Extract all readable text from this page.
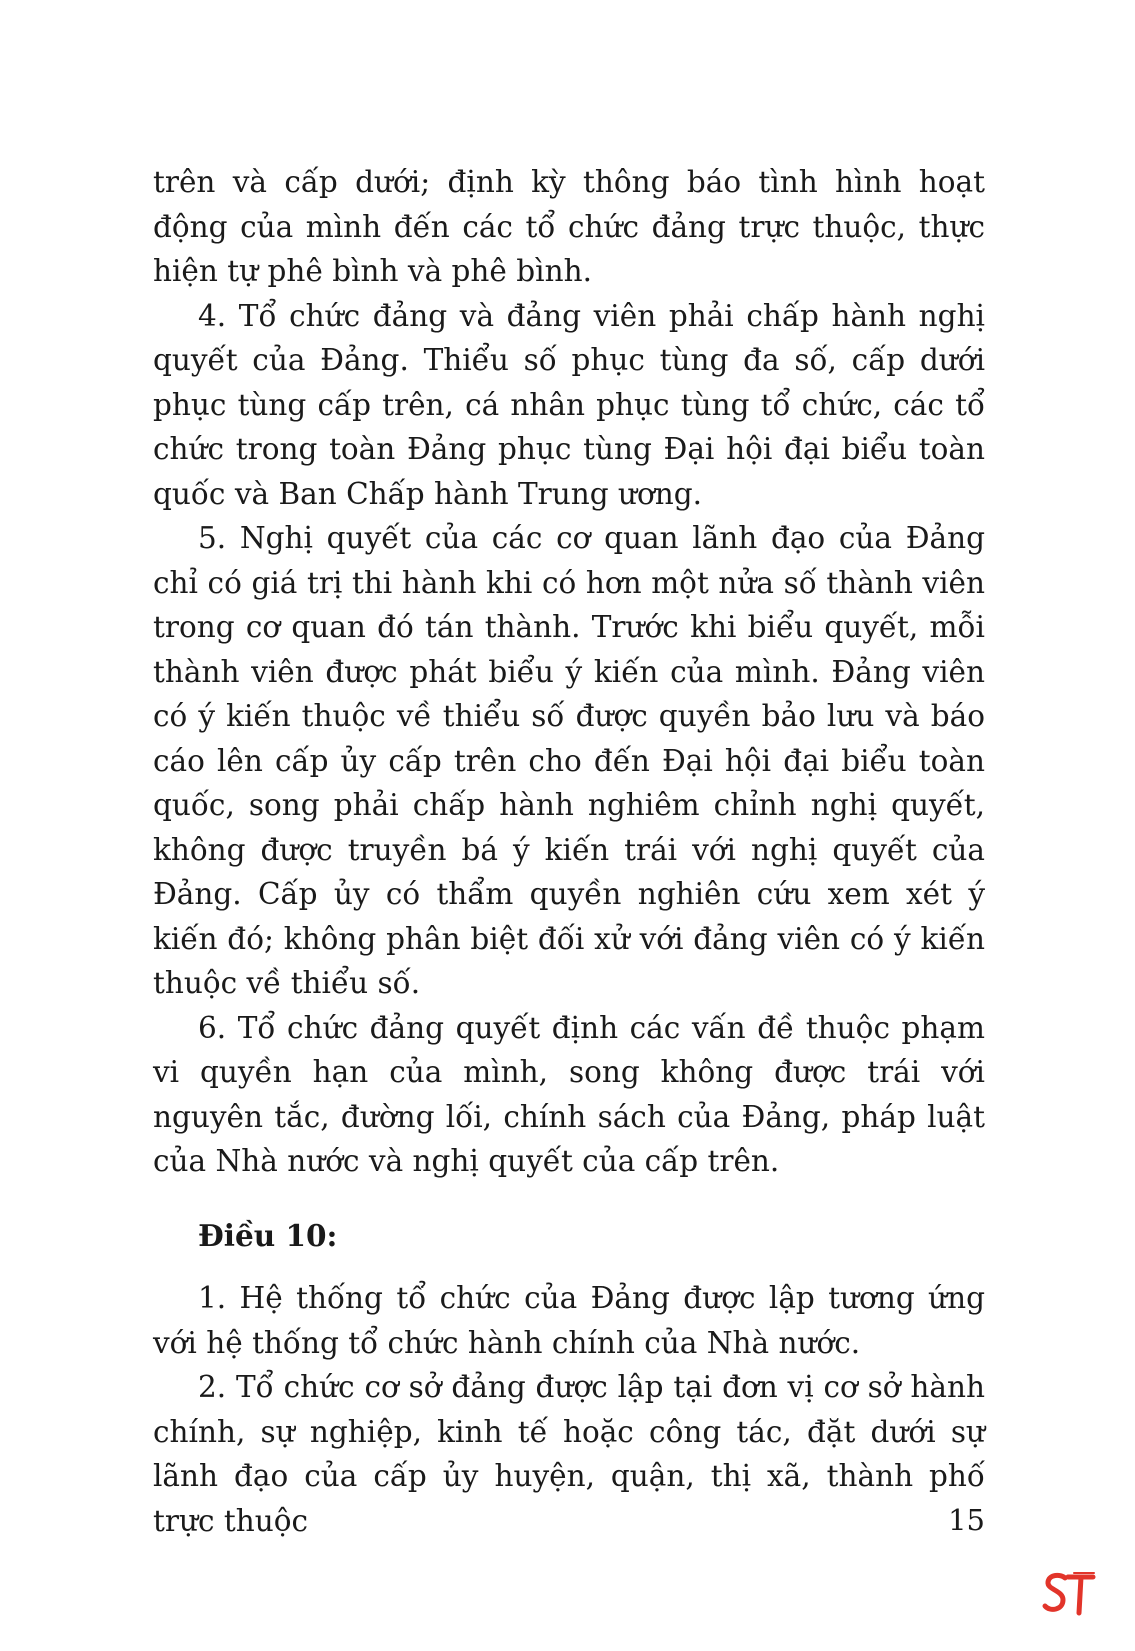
trên và cấp dưới; định kỳ thông báo tình hình hoạt động của mình đến các tổ chức đảng trực thuộc, thực hiện tự phê bình và phê bình.

4. Tổ chức đảng và đảng viên phải chấp hành nghị quyết của Đảng. Thiểu số phục tùng đa số, cấp dưới phục tùng cấp trên, cá nhân phục tùng tổ chức, các tổ chức trong toàn Đảng phục tùng Đại hội đại biểu toàn quốc và Ban Chấp hành Trung ương.

5. Nghị quyết của các cơ quan lãnh đạo của Đảng chỉ có giá trị thi hành khi có hơn một nửa số thành viên trong cơ quan đó tán thành. Trước khi biểu quyết, mỗi thành viên được phát biểu ý kiến của mình. Đảng viên có ý kiến thuộc về thiểu số được quyền bảo lưu và báo cáo lên cấp ủy cấp trên cho đến Đại hội đại biểu toàn quốc, song phải chấp hành nghiêm chỉnh nghị quyết, không được truyền bá ý kiến trái với nghị quyết của Đảng. Cấp ủy có thẩm quyền nghiên cứu xem xét ý kiến đó; không phân biệt đối xử với đảng viên có ý kiến thuộc về thiểu số.

6. Tổ chức đảng quyết định các vấn đề thuộc phạm vi quyền hạn của mình, song không được trái với nguyên tắc, đường lối, chính sách của Đảng, pháp luật của Nhà nước và nghị quyết của cấp trên.

Điều 10:

1. Hệ thống tổ chức của Đảng được lập tương ứng với hệ thống tổ chức hành chính của Nhà nước.

2. Tổ chức cơ sở đảng được lập tại đơn vị cơ sở hành chính, sự nghiệp, kinh tế hoặc công tác, đặt dưới sự lãnh đạo của cấp ủy huyện, quận, thị xã, thành phố trực thuộc	15
